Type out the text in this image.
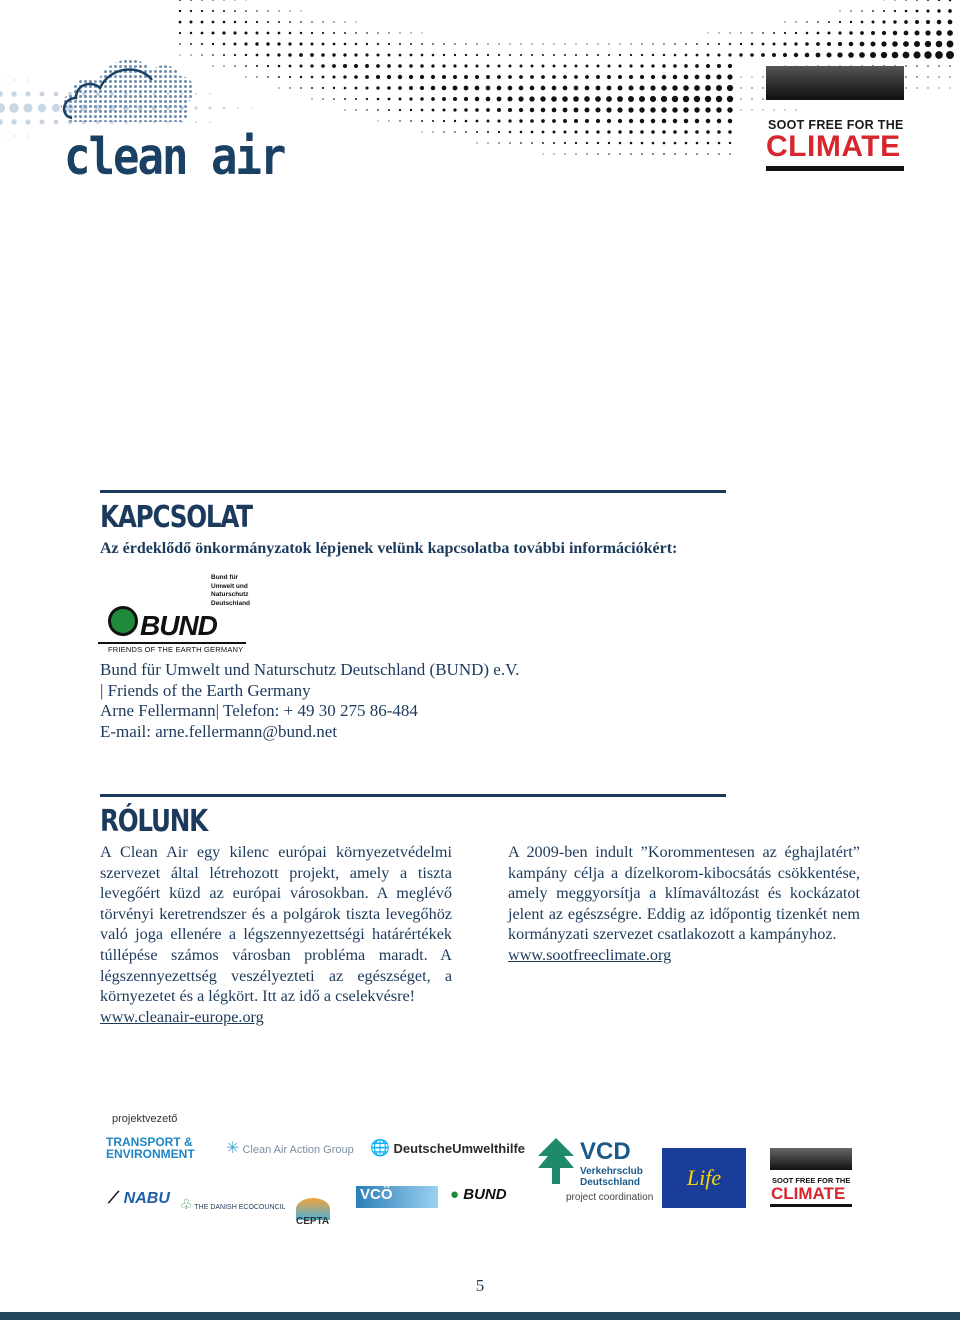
clean air
SOOT FREE FOR THE
CLIMATE
KAPCSOLAT
Az érdeklődő önkormányzatok lépjenek velünk kapcsolatba további információkért:
Bund für
Umwelt und
Naturschutz
Deutschland
BUND
FRIENDS OF THE EARTH GERMANY
Bund für Umwelt und Naturschutz Deutschland (BUND) e.V.
| Friends of the Earth Germany
Arne Fellermann| Telefon: + 49 30 275 86-484
E-mail: arne.fellermann@bund.net
RÓLUNK
A Clean Air egy kilenc európai környezetvédelmi szervezet által létrehozott projekt, amely a tiszta levegőért küzd az európai városokban. A meglévő törvényi keretrendszer és a polgárok tiszta levegőhöz való joga ellenére a légszennyezettségi határértékek túllépése számos városban probléma maradt. A légszennyezettség veszélyezteti az egészséget, a környezetet és a légkört. Itt az idő a cselekvésre!
www.cleanair-europe.org
A 2009-ben indult ”Korommentesen az éghajlatért” kampány célja a dízelkorom-kibocsátás csökkentése, amely meggyorsítja a klímaváltozást és kockázatot jelent az egészségre. Eddig az időpontig tizenkét nem kormányzati szervezet csatlakozott a kampányhoz.
www.sootfreeclimate.org
projektvezető
TRANSPORT &
ENVIRONMENT ✳ Clean Air Action Group 🌐 DeutscheUmwelthilfe
⟋ NABU ♧ THE DANISH ECOCOUNCIL
CEPTA
VCÖ	● BUND
VCD
Verkehrsclub
Deutschland
project coordination
Life	SOOT FREE FOR THE
CLIMATE
5
